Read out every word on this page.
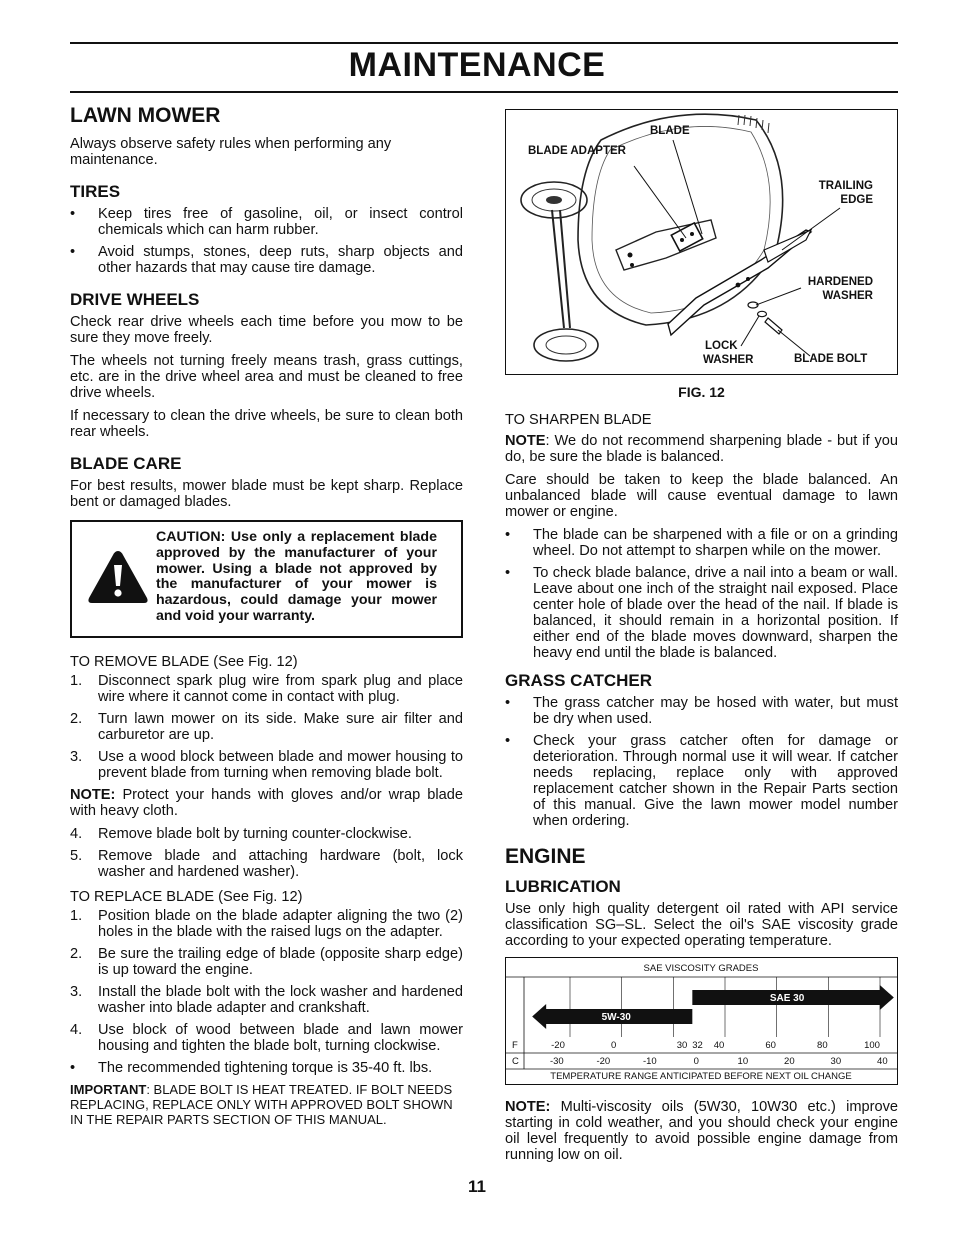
MAINTENANCE
LAWN MOWER

Always observe safety rules when performing any maintenance.

TIRES
• Keep tires free of gasoline, oil, or insect control chemicals which can harm rubber.
• Avoid stumps, stones, deep ruts, sharp objects and other hazards that may cause tire damage.
DRIVE WHEELS

Check rear drive wheels each time before you mow to be sure they move freely.

The wheels not turning freely means trash, grass cuttings, etc. are in the drive wheel area and must be cleaned to free drive wheels.

If necessary to clean the drive wheels, be sure to clean both rear wheels.

BLADE CARE

For best results, mower blade must be kept sharp. Replace bent or damaged blades.

CAUTION: Use only a replacement blade approved by the manufacturer of your mower. Using a blade not approved by the manufacturer of your mower is hazardous, could damage your mower and void your warranty.

TO REMOVE BLADE (See Fig. 12)

1. Disconnect spark plug wire from spark plug and place wire where it cannot come in contact with plug.
2. Turn lawn mower on its side. Make sure air filter and carburetor are up.
3. Use a wood block between blade and mower housing to prevent blade from turning when removing blade bolt.

NOTE: Protect your hands with gloves and/or wrap blade with heavy cloth.

4. Remove blade bolt by turning counter-clockwise.
5. Remove blade and attaching hardware (bolt, lock washer and hardened washer).

TO REPLACE BLADE (See Fig. 12)

1. Position blade on the blade adapter aligning the two (2) holes in the blade with the raised lugs on the adapter.
2. Be sure the trailing edge of blade (opposite sharp edge) is up toward the engine.
3. Install the blade bolt with the lock washer and hardened washer into blade adapter and crankshaft.
4. Use block of wood between blade and lawn mower housing and tighten the blade bolt, turning clockwise.
• The recommended tightening torque is 35-40 ft. lbs.

IMPORTANT: BLADE BOLT IS HEAT TREATED. IF BOLT NEEDS REPLACING, REPLACE ONLY WITH APPROVED BOLT SHOWN IN THE REPAIR PARTS SECTION OF THIS MANUAL.

BLADE
BLADE ADAPTER
TRAILING
EDGE
HARDENED
WASHER
LOCK
WASHER	BLADE BOLT
FIG. 12

TO SHARPEN BLADE

NOTE: We do not recommend sharpening blade - but if you do, be sure the blade is balanced.

Care should be taken to keep the blade balanced. An unbalanced blade will cause eventual damage to lawn mower or engine.

• The blade can be sharpened with a file or on a grinding wheel. Do not attempt to sharpen while on the mower.
• To check blade balance, drive a nail into a beam or wall. Leave about one inch of the straight nail exposed. Place center hole of blade over the head of the nail. If blade is balanced, it should remain in a horizontal position. If either end of the blade moves downward, sharpen the heavy end until the blade is balanced.
GRASS CATCHER
• The grass catcher may be hosed with water, but must be dry when used.
• Check your grass catcher often for damage or deterioration. Through normal use it will wear. If catcher needs replacing, replace only with approved replacement catcher shown in the Repair Parts section of this manual. Give the lawn mower model number when ordering.
ENGINE
LUBRICATION

Use only high quality detergent oil rated with API service classification SG–SL. Select the oil's SAE viscosity grade according to your expected operating temperature.

5W-30
SAE 30
-20	0	30 32 40	60	80	100
-30	-20	-10	0	10	20	30	40
SAE VISCOSITY GRADES
F
C
TEMPERATURE RANGE ANTICIPATED BEFORE NEXT OIL CHANGE

NOTE: Multi-viscosity oils (5W30, 10W30 etc.) improve starting in cold weather, and you should check your engine oil level frequently to avoid possible engine damage from running low on oil.

11
